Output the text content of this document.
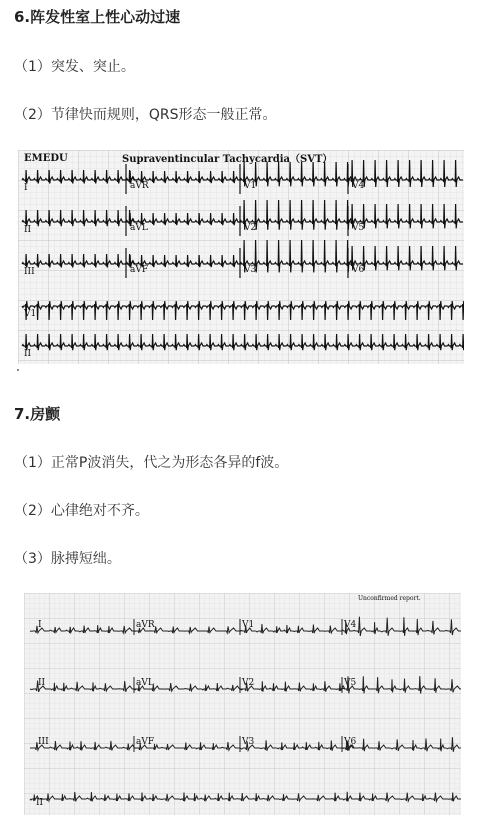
6.阵发性室上性心动过速

（1）突发、突止。

（2）节律快而规则，QRS形态一般正常。

EMEDU	Supraventincular Tachycardia（SVT）
I	aVR	V1	V4
II	aVL	V2	V5
III	aVF	V3	V6
V1
II
7.房颤

（1）正常P波消失，代之为形态各异的f波。

（2）心律绝对不齐。

（3）脉搏短绌。

Unconfirmed report.
I	aVR	V1	V4
II	aVL	V2	V5
III	aVF	V3	V6
II
